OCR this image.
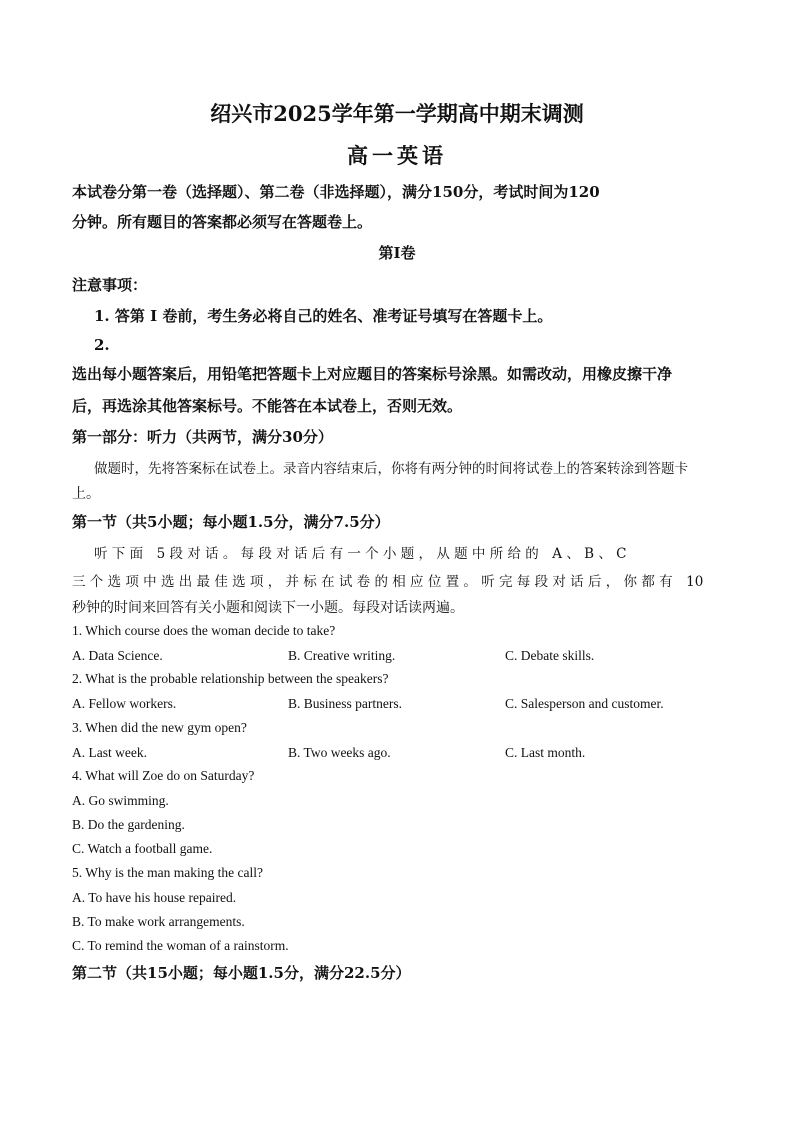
绍兴市2025学年第一学期高中期末调测
高一英语
本试卷分第一卷（选择题）、第二卷（非选择题），满分150分，考试时间为120
分钟。所有题目的答案都必须写在答题卷上。
第I卷
注意事项：
1. 答第 I 卷前，考生务必将自己的姓名、准考证号填写在答题卡上。
2.
选出每小题答案后，用铅笔把答题卡上对应题目的答案标号涂黑。如需改动，用橡皮擦干净
后，再选涂其他答案标号。不能答在本试卷上，否则无效。
第一部分：听力（共两节，满分30分）
做题时，先将答案标在试卷上。录音内容结束后，你将有两分钟的时间将试卷上的答案转涂到答题卡
上。
第一节（共5小题；每小题1.5分，满分7.5分）
听 下 面　5 段 对 话 。 每 段 对 话 后 有 一 个 小 题 ， 从 题 中 所 给 的　A 、 B 、 C
三 个 选 项 中 选 出 最 佳 选 项 ， 并 标 在 试 卷 的 相 应 位 置 。 听 完 每 段 对 话 后 ， 你 都 有　10
秒钟的时间来回答有关小题和阅读下一小题。每段对话读两遍。
1. Which course does the woman decide to take?
A. Data Science.	B. Creative writing.	C. Debate skills.
2. What is the probable relationship between the speakers?
A. Fellow workers.	B. Business partners.	C. Salesperson and customer.
3. When did the new gym open?
A. Last week.	B. Two weeks ago.	C. Last month.
4. What will Zoe do on Saturday?
A. Go swimming.
B. Do the gardening.
C. Watch a football game.
5. Why is the man making the call?
A. To have his house repaired.
B. To make work arrangements.
C. To remind the woman of a rainstorm.
第二节（共15小题；每小题1.5分，满分22.5分）
